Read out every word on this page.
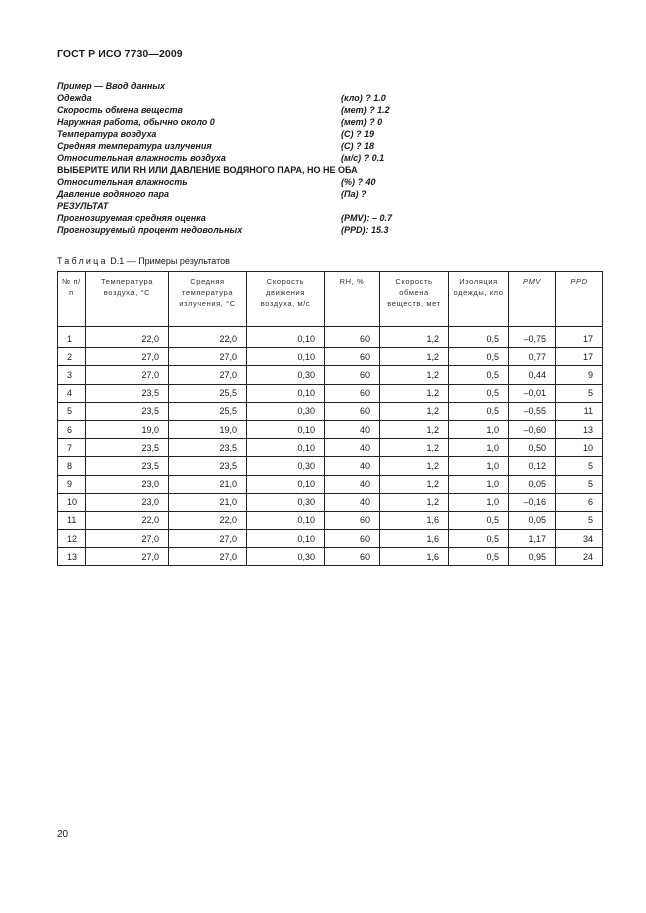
ГОСТ Р ИСО 7730—2009
Пример — Ввод данных
Одежда	(кло) ? 1.0
Скорость обмена веществ	(мет) ? 1.2
Наружная работа, обычно около 0	(мет) ? 0
Температура воздуха	(С) ? 19
Средняя температура излучения	(С) ? 18
Относительная влажность воздуха	(м/с) ? 0.1
ВЫБЕРИТЕ ИЛИ RH ИЛИ ДАВЛЕНИЕ ВОДЯНОГО ПАРА, НО НЕ ОБА
Относительная влажность	(%) ? 40
Давление водяного пара	(Па) ?
РЕЗУЛЬТАТ
Прогнозируемая средняя оценка	(PMV): – 0.7
Прогнозируемый процент недовольных	(PPD): 15.3
Таблица D.1 — Примеры результатов
№ п/п	Температура воздуха, °С	Средняя температура излучения, °С	Скорость движения воздуха, м/с	RH, %	Скорость обмена веществ, мет	Изоляция одежды, кло	PMV	PPD
1	22,0	22,0	0,10	60	1,2	0,5	–0,75	17
2	27,0	27,0	0,10	60	1,2	0,5	0,77	17
3	27,0	27,0	0,30	60	1,2	0,5	0,44	9
4	23,5	25,5	0,10	60	1,2	0,5	–0,01	5
5	23,5	25,5	0,30	60	1,2	0,5	–0,55	11
6	19,0	19,0	0,10	40	1,2	1,0	–0,60	13
7	23,5	23,5	0,10	40	1,2	1,0	0,50	10
8	23,5	23,5	0,30	40	1,2	1,0	0,12	5
9	23,0	21,0	0,10	40	1,2	1,0	0,05	5
10	23,0	21,0	0,30	40	1,2	1,0	–0,16	6
11	22,0	22,0	0,10	60	1,6	0,5	0,05	5
12	27,0	27,0	0,10	60	1,6	0,5	1,17	34
13	27,0	27,0	0,30	60	1,6	0,5	0,95	24
20
